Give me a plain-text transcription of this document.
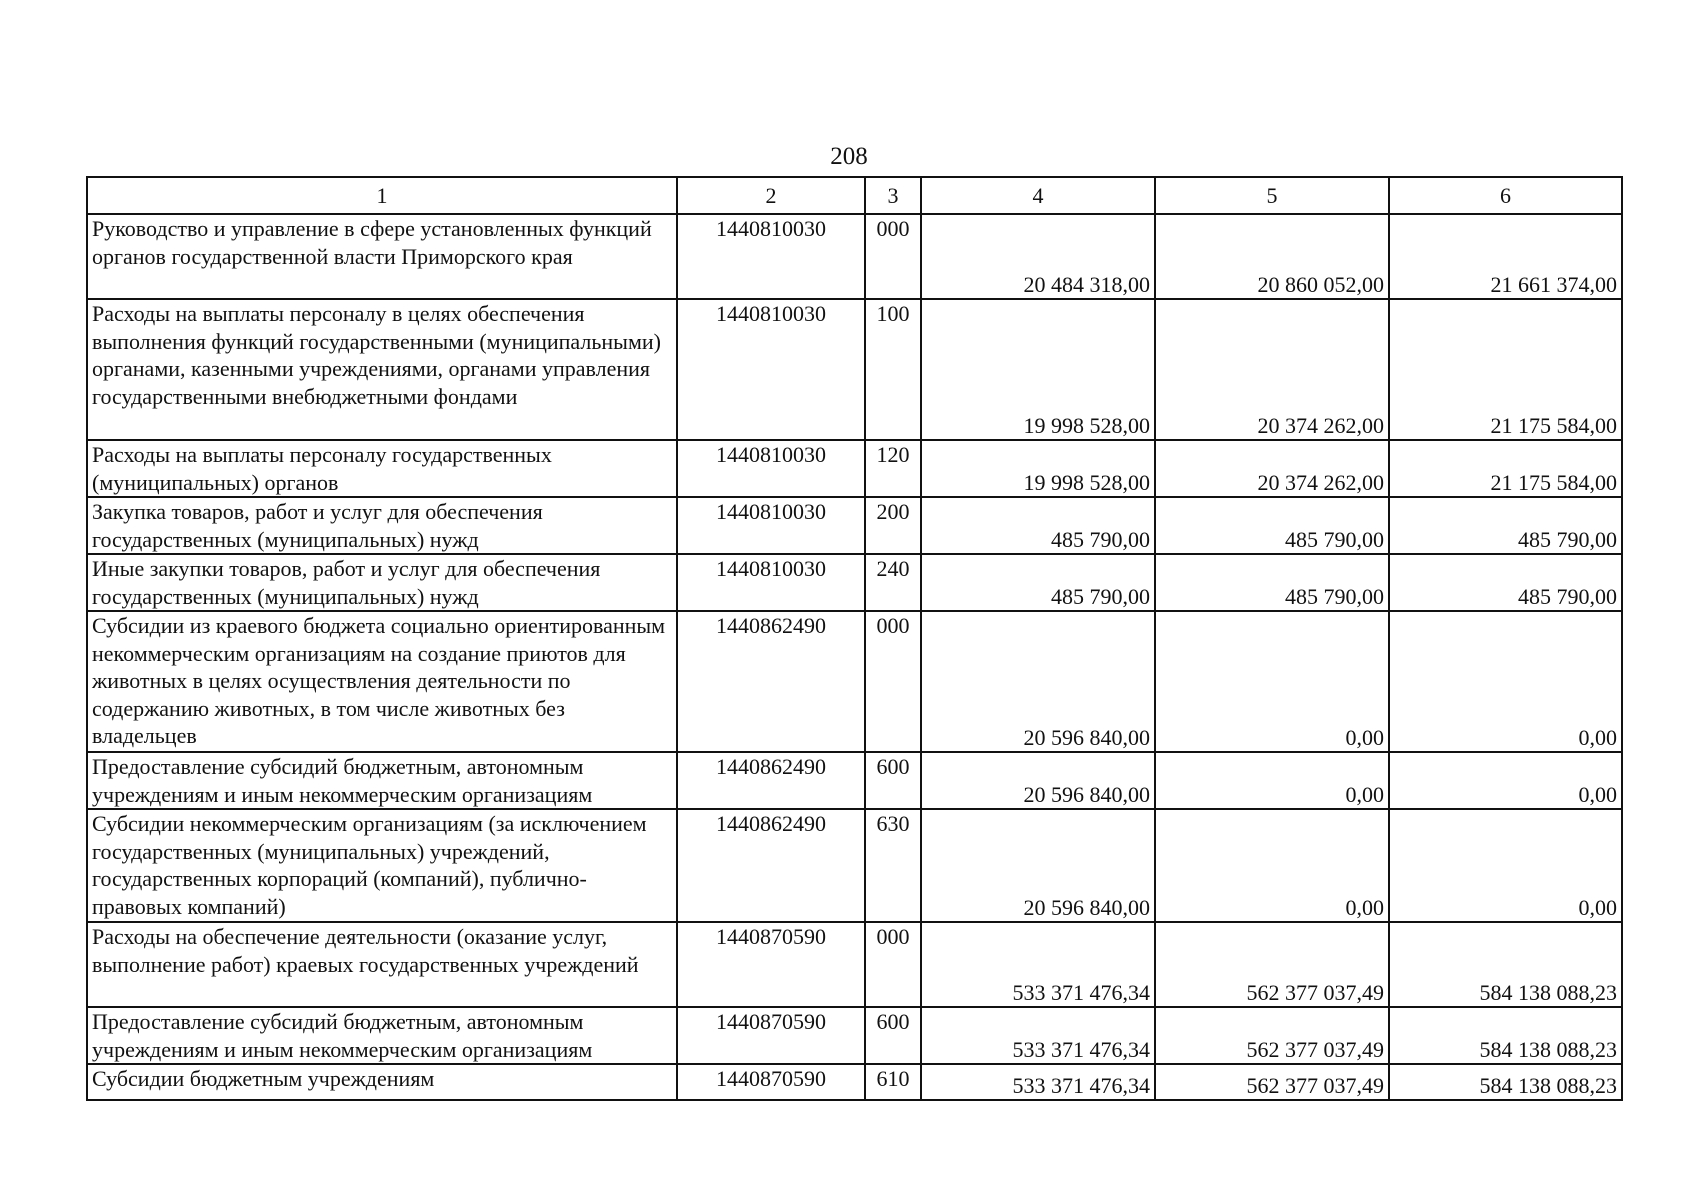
208
1	2	3	4	5	6
Руководство и управление в сфере установленных функций органов государственной власти Приморского края	1440810030	000	20 484 318,00	20 860 052,00	21 661 374,00
Расходы на выплаты персоналу в целях обеспечения выполнения функций государственными (муниципальными) органами, казенными учреждениями, органами управления государственными внебюджетными фондами	1440810030	100	19 998 528,00	20 374 262,00	21 175 584,00
Расходы на выплаты персоналу государственных (муниципальных) органов	1440810030	120	19 998 528,00	20 374 262,00	21 175 584,00
Закупка товаров, работ и услуг для обеспечения государственных (муниципальных) нужд	1440810030	200	485 790,00	485 790,00	485 790,00
Иные закупки товаров, работ и услуг для обеспечения государственных (муниципальных) нужд	1440810030	240	485 790,00	485 790,00	485 790,00
Субсидии из краевого бюджета социально ориентированным некоммерческим организациям на создание приютов для животных в целях осуществления деятельности по содержанию животных, в том числе животных без владельцев	1440862490	000	20 596 840,00	0,00	0,00
Предоставление субсидий бюджетным, автономным учреждениям и иным некоммерческим организациям	1440862490	600	20 596 840,00	0,00	0,00
Субсидии некоммерческим организациям (за исключением государственных (муниципальных) учреждений, государственных корпораций (компаний), публично-правовых компаний)	1440862490	630	20 596 840,00	0,00	0,00
Расходы на обеспечение деятельности (оказание услуг, выполнение работ) краевых государственных учреждений	1440870590	000	533 371 476,34	562 377 037,49	584 138 088,23
Предоставление субсидий бюджетным, автономным учреждениям и иным некоммерческим организациям	1440870590	600	533 371 476,34	562 377 037,49	584 138 088,23
Субсидии бюджетным учреждениям	1440870590	610	533 371 476,34	562 377 037,49	584 138 088,23
